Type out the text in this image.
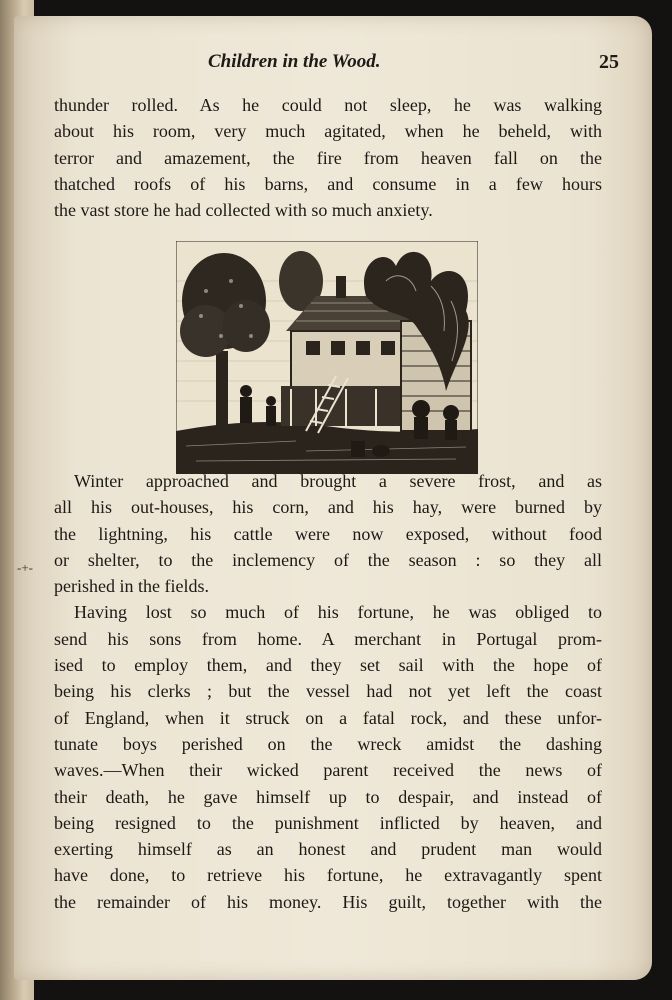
Children in the Wood.	25
thunder rolled. As he could not sleep, he was walking
about his room, very much agitated, when he beheld, with
terror and amazement, the fire from heaven fall on the
thatched roofs of his barns, and consume in a few hours
the vast store he had collected with so much anxiety.
Winter approached and brought a severe frost, and as
all his out-houses, his corn, and his hay, were burned by
the lightning, his cattle were now exposed, without food
or shelter, to the inclemency of the season : so they all
perished in the fields.
Having lost so much of his fortune, he was obliged to
send his sons from home. A merchant in Portugal prom-
ised to employ them, and they set sail with the hope of
being his clerks ; but the vessel had not yet left the coast
of England, when it struck on a fatal rock, and these unfor-
tunate boys perished on the wreck amidst the dashing
waves.—When their wicked parent received the news of
their death, he gave himself up to despair, and instead of
being resigned to the punishment inflicted by heaven, and
exerting himself as an honest and prudent man would
have done, to retrieve his fortune, he extravagantly spent
the remainder of his money. His guilt, together with the
-+-
